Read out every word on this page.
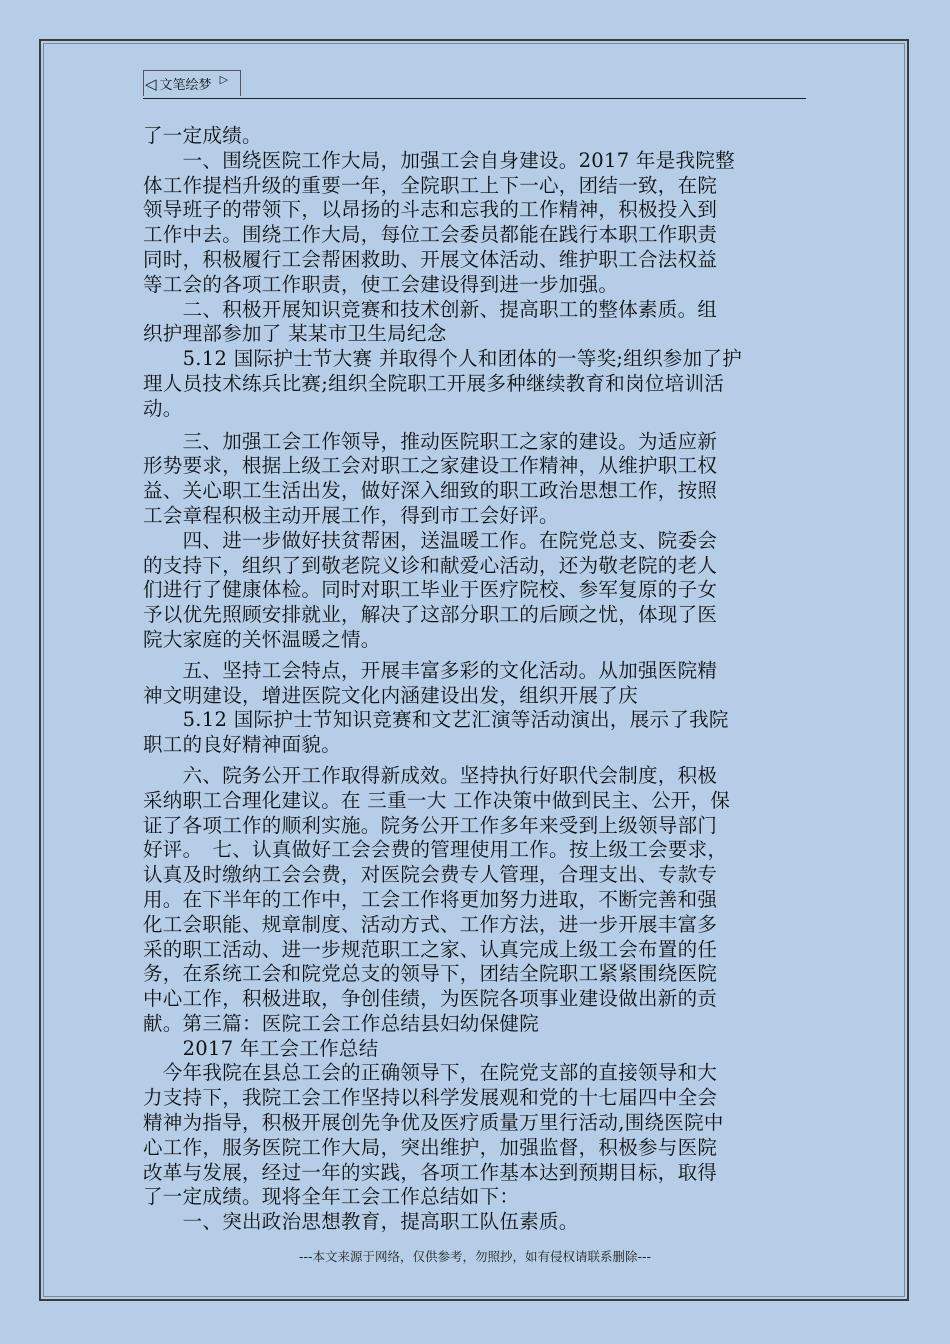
◁ 文笔绘梦 ▷
了一定成绩。
　　一、围绕医院工作大局，加强工会自身建设。2017 年是我院整
体工作提档升级的重要一年，全院职工上下一心，团结一致，在院
领导班子的带领下，以昂扬的斗志和忘我的工作精神，积极投入到
工作中去。围绕工作大局，每位工会委员都能在践行本职工作职责
同时，积极履行工会帮困救助、开展文体活动、维护职工合法权益
等工会的各项工作职责，使工会建设得到进一步加强。
　　二、积极开展知识竞赛和技术创新、提高职工的整体素质。组
织护理部参加了 某某市卫生局纪念
　　5.12 国际护士节大赛 并取得个人和团体的一等奖;组织参加了护
理人员技术练兵比赛;组织全院职工开展多种继续教育和岗位培训活
动。
　　三、加强工会工作领导，推动医院职工之家的建设。为适应新
形势要求，根据上级工会对职工之家建设工作精神，从维护职工权
益、关心职工生活出发，做好深入细致的职工政治思想工作，按照
工会章程积极主动开展工作，得到市工会好评。
　　四、进一步做好扶贫帮困，送温暖工作。在院党总支、院委会
的支持下，组织了到敬老院义诊和献爱心活动，还为敬老院的老人
们进行了健康体检。同时对职工毕业于医疗院校、参军复原的子女
予以优先照顾安排就业，解决了这部分职工的后顾之忧，体现了医
院大家庭的关怀温暖之情。
　　五、坚持工会特点，开展丰富多彩的文化活动。从加强医院精
神文明建设，增进医院文化内涵建设出发，组织开展了庆
　　5.12 国际护士节知识竞赛和文艺汇演等活动演出，展示了我院
职工的良好精神面貌。
　　六、院务公开工作取得新成效。坚持执行好职代会制度，积极
采纳职工合理化建议。在 三重一大 工作决策中做到民主、公开，保
证了各项工作的顺利实施。院务公开工作多年来受到上级领导部门
好评。　七、认真做好工会会费的管理使用工作。按上级工会要求，
认真及时缴纳工会会费，对医院会费专人管理，合理支出、专款专
用。在下半年的工作中，工会工作将更加努力进取，不断完善和强
化工会职能、规章制度、活动方式、工作方法，进一步开展丰富多
采的职工活动、进一步规范职工之家、认真完成上级工会布置的任
务，在系统工会和院党总支的领导下，团结全院职工紧紧围绕医院
中心工作，积极进取，争创佳绩，为医院各项事业建设做出新的贡
献。第三篇：医院工会工作总结县妇幼保健院
　　2017 年工会工作总结
　今年我院在县总工会的正确领导下，在院党支部的直接领导和大
力支持下，我院工会工作坚持以科学发展观和党的十七届四中全会
精神为指导，积极开展创先争优及医疗质量万里行活动,围绕医院中
心工作，服务医院工作大局，突出维护，加强监督，积极参与医院
改革与发展，经过一年的实践，各项工作基本达到预期目标，取得
了一定成绩。现将全年工会工作总结如下：
　　一、突出政治思想教育，提高职工队伍素质。
---本文来源于网络，仅供参考，勿照抄，如有侵权请联系删除---
